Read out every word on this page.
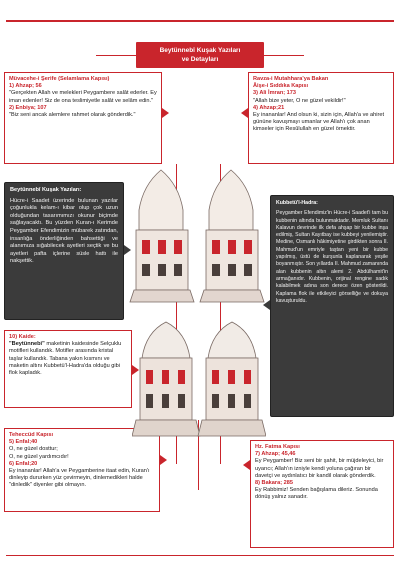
Beytünnebî Kuşak Yazıları
ve Detayları

Müvacehe-i Şerife (Selamlama Kapısı)

1) Ahzap; 56

"Gerçekten Allah ve melekleri Peygambere salât ederler. Ey iman edenler! Siz de ona teslimiyetle salât ve selâm edin."

2) Enbiya; 107

"Biz seni ancak alemlere rahmet olarak gönderdik."

Ravza-i Mutahhara'ya Bakan

Âişe-i Sıddıka Kapısı

3) Ali İmran; 173

"Allah bize yeter, O ne güzel vekildir!"

4) Ahzap;21

Ey inananlar! And olsun ki, sizin için, Allah'a ve ahiret gününe kavuşmayı umanlar ve Allah'ı çok anan kimseler için Resûlullah en güzel örnektir.

Beytünnebî Kuşak Yazıları:

Hücre-i Saadet üzerinde bulunan yazılar çoğunlukla kelam-ı kibar olup çok uzun olduğundan tasarımımızı okunur biçimde sağlayacaktı. Bu yüzden Kuran-ı Kerimde Peygamber Efendimizin mübarek zatından, insanlığa önderliğinden bahsettiği ve alanımıza sığabilecek ayetleri seçtik ve bu ayetleri pafta içlerine süsle hattı ile nakşettik.

Kubbetü'l-Hadra:

Peygamber Efendimiz'in Hücre-i Saadet'i tam bu kubbenin altında bulunmaktadır. Memluk Sultanı Kalavun devrinde ilk defa ahşap bir kubbe inşa edilmiş, Sultan Kayıtbay ise kubbeyi yenilemiştir. Medine, Osmanlı hâkimiyetine girdikten sonra II. Mahmud'un emriyle taştan yeni bir kubbe yapılmış, üstü de kurşunla kaplanarak yeşile boyanmıştır. Son yıllarda II. Mahmud zamanında alan kubbenin altın alemi 2. Abdülhamit'in armağanıdır. Kubbenin, orijinal rengine sadık kalabilmek adına son derece özen gösterildi. Kaplama flok ile etkileyici görselliğe ve dokuya kavuşturuldu.

10) Kaide:

"Beytünnebi" maketinin kaidesinde Selçuklu motifleri kullandık. Motifler arasında kristal taşlar kullandık. Tabana yakın kısmını ve maketin altını Kubbetü'l-Hadra'da olduğu gibi flok kapladık.

Teheccüd Kapısı

5) Enfal;40

O, ne güzel dosttur;

O, ne güzel yardımcıdır!

6) Enfal;20

Ey inananlar! Allah'a ve Peygamberine itaat edin, Kuran'ı dinleyip dururken yüz çevirmeyin, dinlemedikleri halde "dinledik" diyenler gibi olmayın.

Hz. Fatma Kapısı

7) Ahzap; 45,46

Ey Peygamber! Biz seni bir şahit, bir müjdeleyici, bir uyarıcı; Allah'ın izniyle kendi yoluna çağıran bir davetçi ve aydınlatıcı bir kandil olarak gönderdik.

8) Bakara; 285

Ey Rabbimiz! Senden bağışlama dileriz. Sonunda dönüş yalnız sanadır.
